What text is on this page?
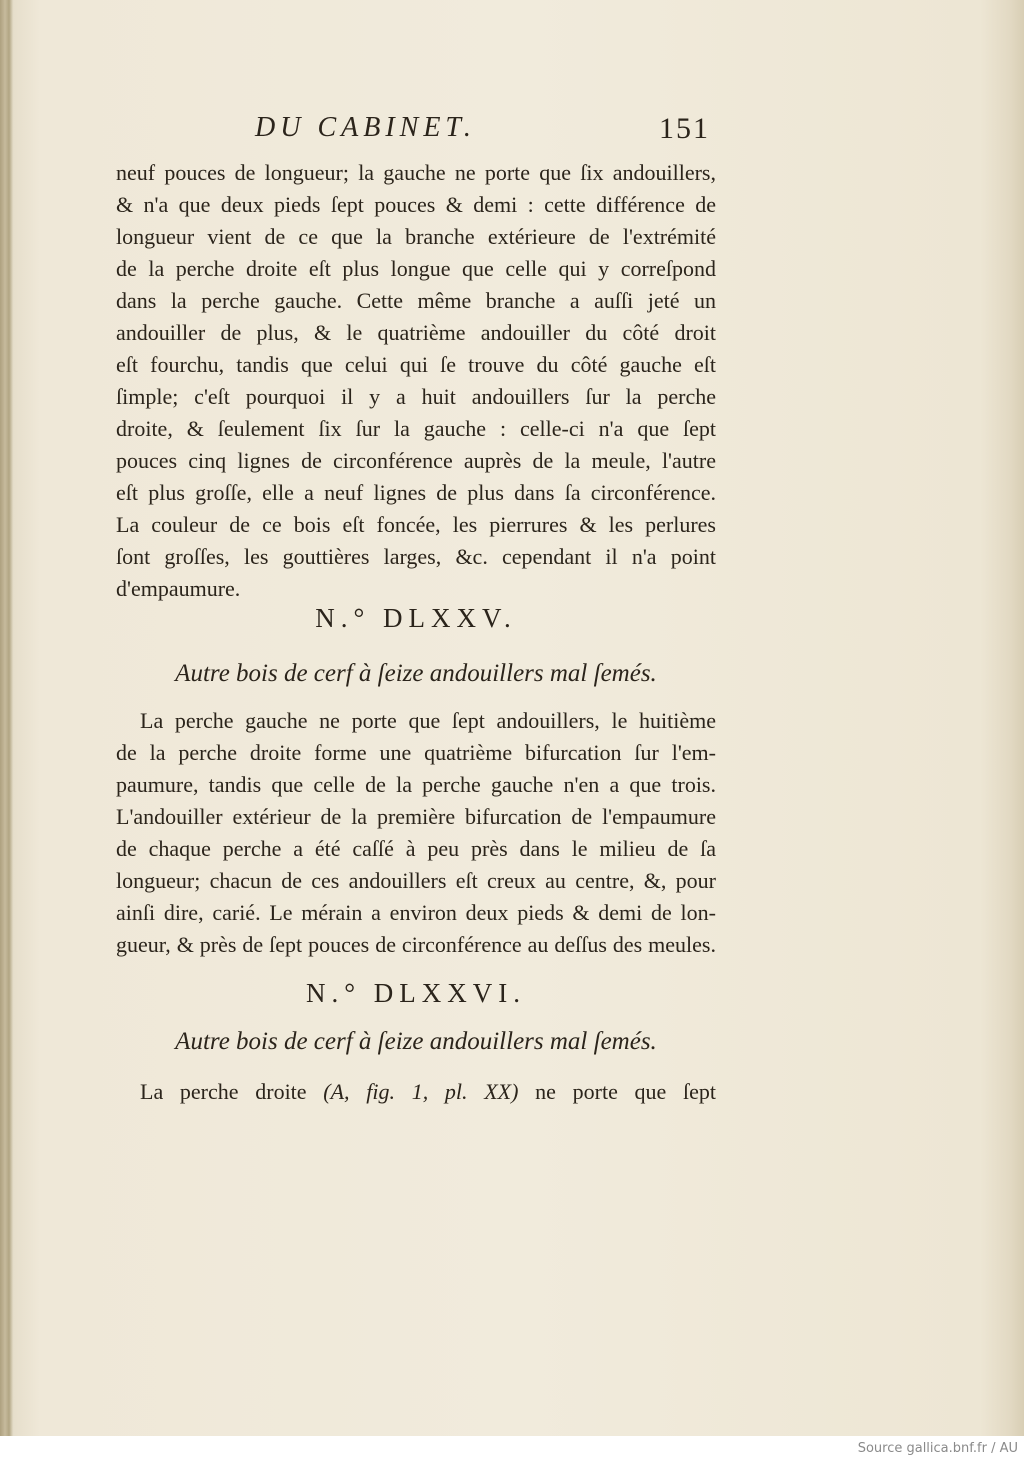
DU CABINET.	151
neuf pouces de longueur; la gauche ne porte que ſix andouillers,
& n'a que deux pieds ſept pouces & demi : cette différence de
longueur vient de ce que la branche extérieure de l'extrémité
de la perche droite eſt plus longue que celle qui y correſpond
dans la perche gauche. Cette même branche a auſſi jeté un
andouiller de plus, & le quatrième andouiller du côté droit
eſt fourchu, tandis que celui qui ſe trouve du côté gauche eſt
ſimple; c'eſt pourquoi il y a huit andouillers ſur la perche
droite, & ſeulement ſix ſur la gauche : celle-ci n'a que ſept
pouces cinq lignes de circonférence auprès de la meule, l'autre
eſt plus groſſe, elle a neuf lignes de plus dans ſa circonférence.
La couleur de ce bois eſt foncée, les pierrures & les perlures
ſont groſſes, les gouttières larges, &c. cependant il n'a point
d'empaumure.
N.° DLXXV.
Autre bois de cerf à ſeize andouillers mal ſemés.
La perche gauche ne porte que ſept andouillers, le huitième
de la perche droite forme une quatrième bifurcation ſur l'em-
paumure, tandis que celle de la perche gauche n'en a que trois.
L'andouiller extérieur de la première bifurcation de l'empaumure
de chaque perche a été caſſé à peu près dans le milieu de ſa
longueur; chacun de ces andouillers eſt creux au centre, &, pour
ainſi dire, carié. Le mérain a environ deux pieds & demi de lon-
gueur, & près de ſept pouces de circonférence au deſſus des meules.
N.° DLXXVI.
Autre bois de cerf à ſeize andouillers mal ſemés.
La perche droite (A, fig. 1, pl. XX) ne porte que ſept
Source gallica.bnf.fr / AU
